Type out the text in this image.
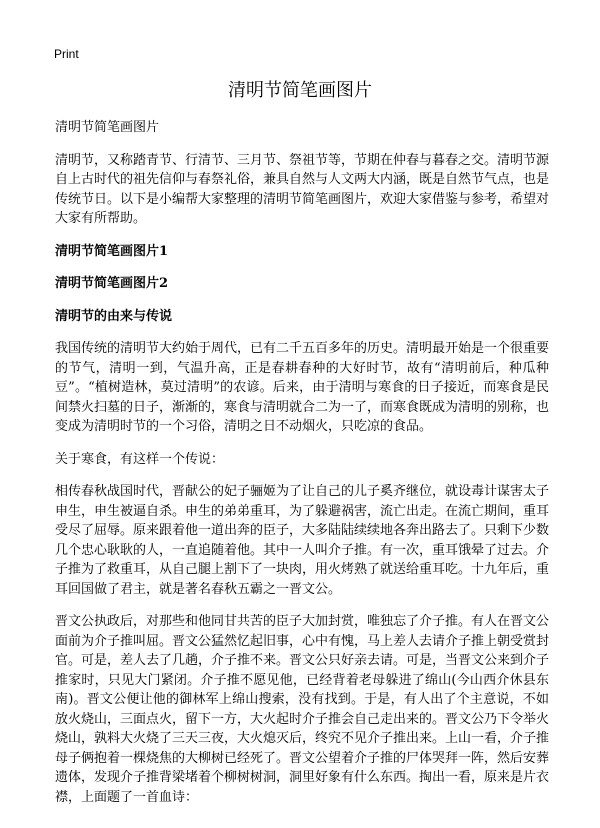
Print
清明节简笔画图片

清明节简笔画图片

清明节，又称踏青节、行清节、三月节、祭祖节等，节期在仲春与暮春之交。清明节源自上古时代的祖先信仰与春祭礼俗，兼具自然与人文两大内涵，既是自然节气点，也是传统节日。以下是小编帮大家整理的清明节简笔画图片，欢迎大家借鉴与参考，希望对大家有所帮助。

清明节简笔画图片1
清明节简笔画图片2
清明节的由来与传说

我国传统的清明节大约始于周代，已有二千五百多年的历史。清明最开始是一个很重要的节气，清明一到，气温升高，正是春耕春种的大好时节，故有“清明前后，种瓜种豆”。“植树造林，莫过清明”的农谚。后来，由于清明与寒食的日子接近，而寒食是民间禁火扫墓的日子，渐渐的，寒食与清明就合二为一了，而寒食既成为清明的别称，也变成为清明时节的一个习俗，清明之日不动烟火，只吃凉的食品。

关于寒食，有这样一个传说：

相传春秋战国时代，晋献公的妃子骊姬为了让自己的儿子奚齐继位，就设毒计谋害太子申生，申生被逼自杀。申生的弟弟重耳，为了躲避祸害，流亡出走。在流亡期间，重耳受尽了屈辱。原来跟着他一道出奔的臣子，大多陆陆续续地各奔出路去了。只剩下少数几个忠心耿耿的人，一直追随着他。其中一人叫介子推。有一次，重耳饿晕了过去。介子推为了救重耳，从自己腿上割下了一块肉，用火烤熟了就送给重耳吃。十九年后，重耳回国做了君主，就是著名春秋五霸之一晋文公。

晋文公执政后，对那些和他同甘共苦的臣子大加封赏，唯独忘了介子推。有人在晋文公面前为介子推叫屈。晋文公猛然忆起旧事，心中有愧，马上差人去请介子推上朝受赏封官。可是，差人去了几趟，介子推不来。晋文公只好亲去请。可是，当晋文公来到介子推家时，只见大门紧闭。介子推不愿见他，已经背着老母躲进了绵山(今山西介休县东南)。晋文公便让他的御林军上绵山搜索，没有找到。于是，有人出了个主意说，不如放火烧山，三面点火，留下一方，大火起时介子推会自己走出来的。晋文公乃下令举火烧山，孰料大火烧了三天三夜，大火熄灭后，终究不见介子推出来。上山一看，介子推母子俩抱着一棵烧焦的大柳树已经死了。晋文公望着介子推的尸体哭拜一阵，然后安葬遗体，发现介子推背梁堵着个柳树树洞，洞里好象有什么东西。掏出一看，原来是片衣襟，上面题了一首血诗：
